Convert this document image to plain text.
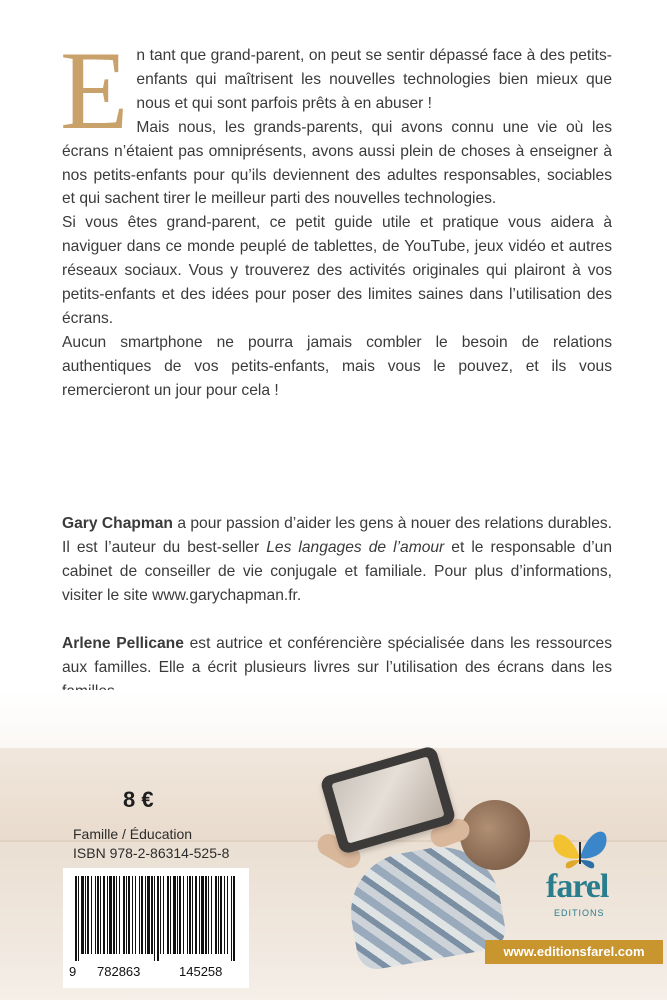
En tant que grand-parent, on peut se sentir dépassé face à des petits-enfants qui maîtrisent les nouvelles technologies bien mieux que nous et qui sont parfois prêts à en abuser !

Mais nous, les grands-parents, qui avons connu une vie où les écrans n’étaient pas omniprésents, avons aussi plein de choses à enseigner à nos petits-enfants pour qu’ils deviennent des adultes responsables, sociables et qui sachent tirer le meilleur parti des nouvelles technologies.

Si vous êtes grand-parent, ce petit guide utile et pratique vous aidera à naviguer dans ce monde peuplé de tablettes, de YouTube, jeux vidéo et autres réseaux sociaux. Vous y trouverez des activités originales qui plairont à vos petits-enfants et des idées pour poser des limites saines dans l’utilisation des écrans.

Aucun smartphone ne pourra jamais combler le besoin de relations authentiques de vos petits-enfants, mais vous le pouvez, et ils vous remercieront un jour pour cela !

Gary Chapman a pour passion d’aider les gens à nouer des relations durables. Il est l’auteur du best-seller Les langages de l’amour et le responsable d’un cabinet de conseiller de vie conjugale et familiale. Pour plus d’informations, visiter le site www.garychapman.fr.

Arlene Pellicane est autrice et conférencière spécialisée dans les ressources aux familles. Elle a écrit plusieurs livres sur l’utilisation des écrans dans les

8 €
Famille / Éducation
ISBN 978-2-86314-525-8
9 782863	145258
farel
EDITIONS
www.editionsfarel.com
